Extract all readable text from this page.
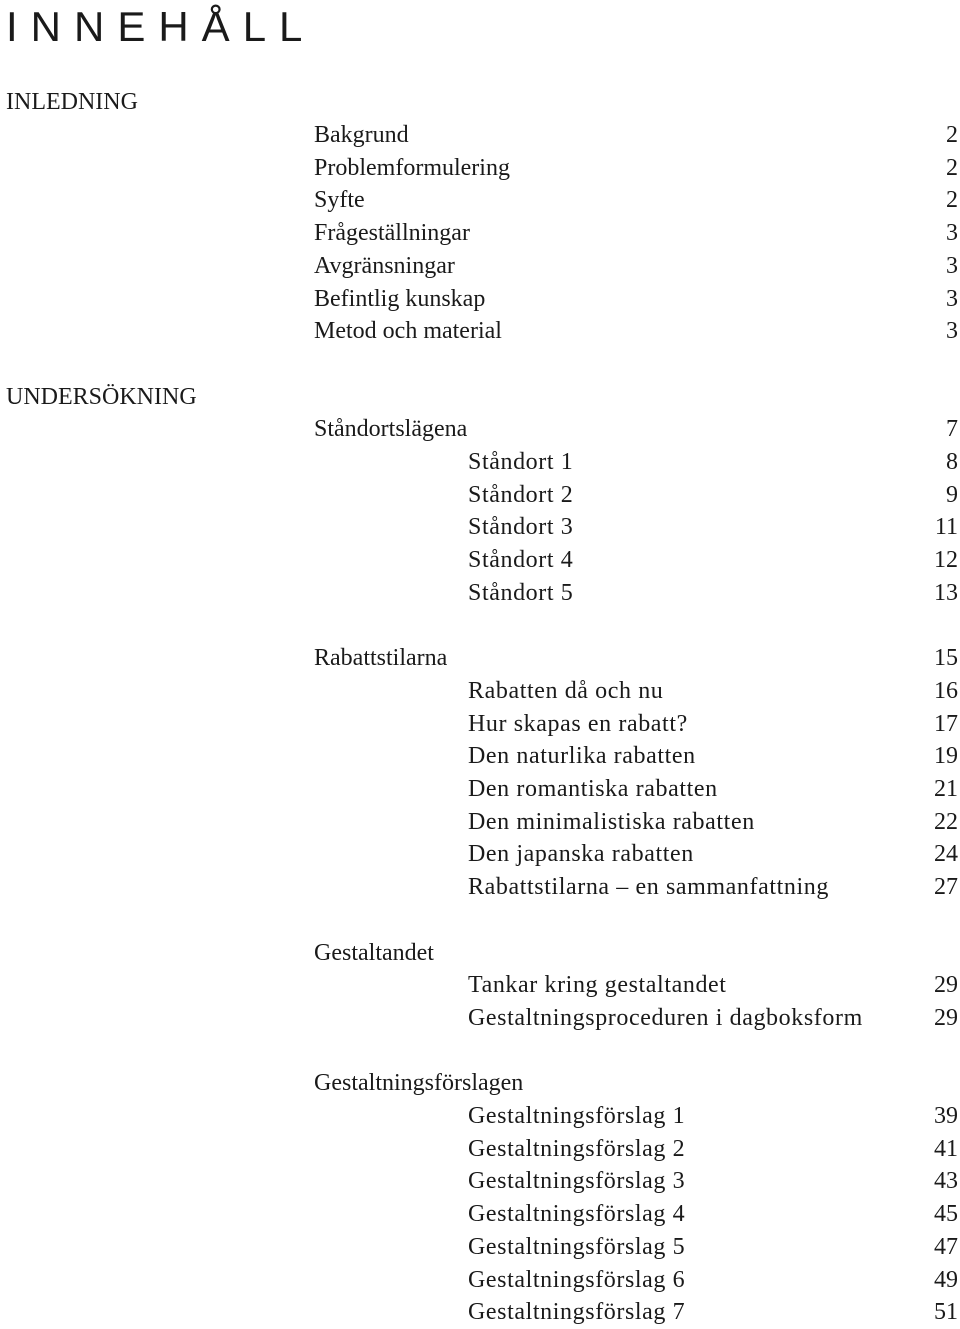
INNEHÅLL
INLEDNING
UNDERSÖKNING
Bakgrund	2
Problemformulering	2
Syfte	2
Frågeställningar	3
Avgränsningar	3
Befintlig kunskap	3
Metod och material	3
Ståndortslägena	7
Ståndort 1	8
Ståndort 2	9
Ståndort 3	11
Ståndort 4	12
Ståndort 5	13
Rabattstilarna	15
Rabatten då och nu	16
Hur skapas en rabatt?	17
Den naturlika rabatten	19
Den romantiska rabatten	21
Den minimalistiska rabatten	22
Den japanska rabatten	24
Rabattstilarna – en sammanfattning	27
Gestaltandet
Tankar kring gestaltandet	29
Gestaltningsproceduren i dagboksform	29
Gestaltningsförslagen
Gestaltningsförslag 1	39
Gestaltningsförslag 2	41
Gestaltningsförslag 3	43
Gestaltningsförslag 4	45
Gestaltningsförslag 5	47
Gestaltningsförslag 6	49
Gestaltningsförslag 7	51
